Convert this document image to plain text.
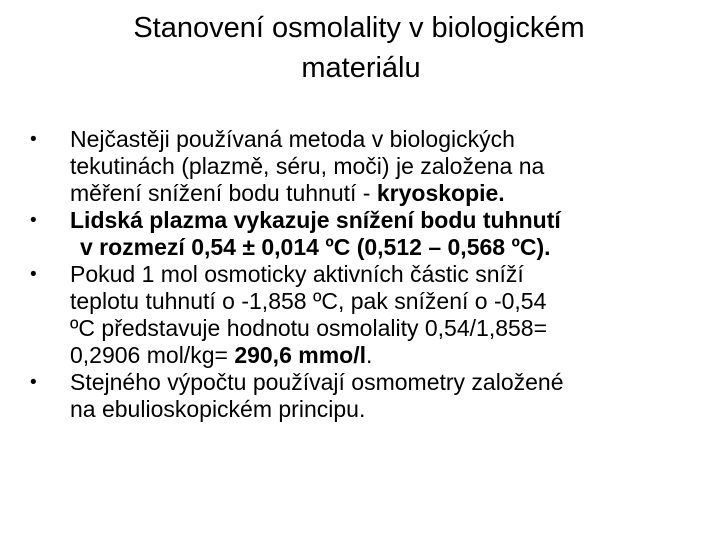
Stanovení osmolality v biologickém
materiálu
•	Nejčastěji používaná metoda v biologických
tekutinách (plazmě, séru, moči) je založena na
měření snížení bodu tuhnutí - kryoskopie.
•	Lidská plazma vykazuje snížení bodu tuhnutí
v rozmezí 0,54 ± 0,014 ºC (0,512 – 0,568 ºC).
•	Pokud 1 mol osmoticky aktivních částic sníží
teplotu tuhnutí o -1,858 ºC, pak snížení o -0,54
ºC představuje hodnotu osmolality 0,54/1,858=
0,2906 mol/kg= 290,6 mmo/l.
•	Stejného výpočtu používají osmometry založené
na ebulioskopickém principu.
